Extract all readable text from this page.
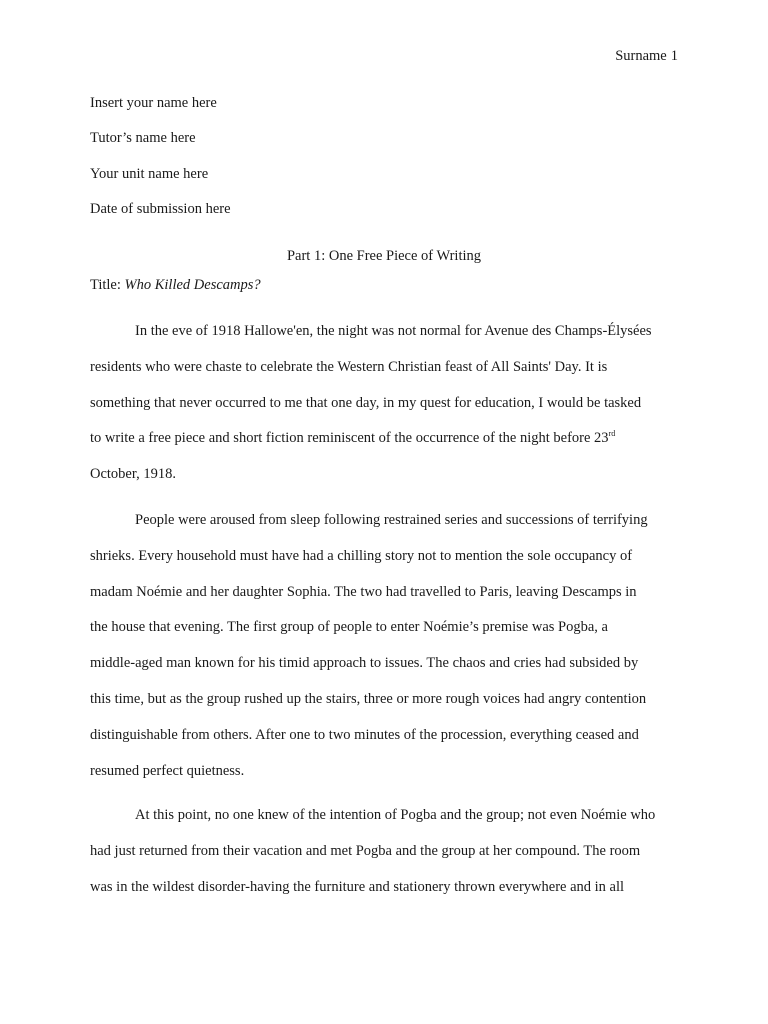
Surname 1
Insert your name here
Tutor’s name here
Your unit name here
Date of submission here
Part 1: One Free Piece of Writing
Title: Who Killed Descamps?
In the eve of 1918 Hallowe'en, the night was not normal for Avenue des Champs-Élysées
residents who were chaste to celebrate the Western Christian feast of All Saints' Day. It is
something that never occurred to me that one day, in my quest for education, I would be tasked
to write a free piece and short fiction reminiscent of the occurrence of the night before 23rd
October, 1918.
People were aroused from sleep following restrained series and successions of terrifying
shrieks. Every household must have had a chilling story not to mention the sole occupancy of
madam Noémie and her daughter Sophia. The two had travelled to Paris, leaving Descamps in
the house that evening. The first group of people to enter Noémie’s premise was Pogba, a
middle-aged man known for his timid approach to issues. The chaos and cries had subsided by
this time, but as the group rushed up the stairs, three or more rough voices had angry contention
distinguishable from others. After one to two minutes of the procession, everything ceased and
resumed perfect quietness.
At this point, no one knew of the intention of Pogba and the group; not even Noémie who
had just returned from their vacation and met Pogba and the group at her compound. The room
was in the wildest disorder-having the furniture and stationery thrown everywhere and in all
